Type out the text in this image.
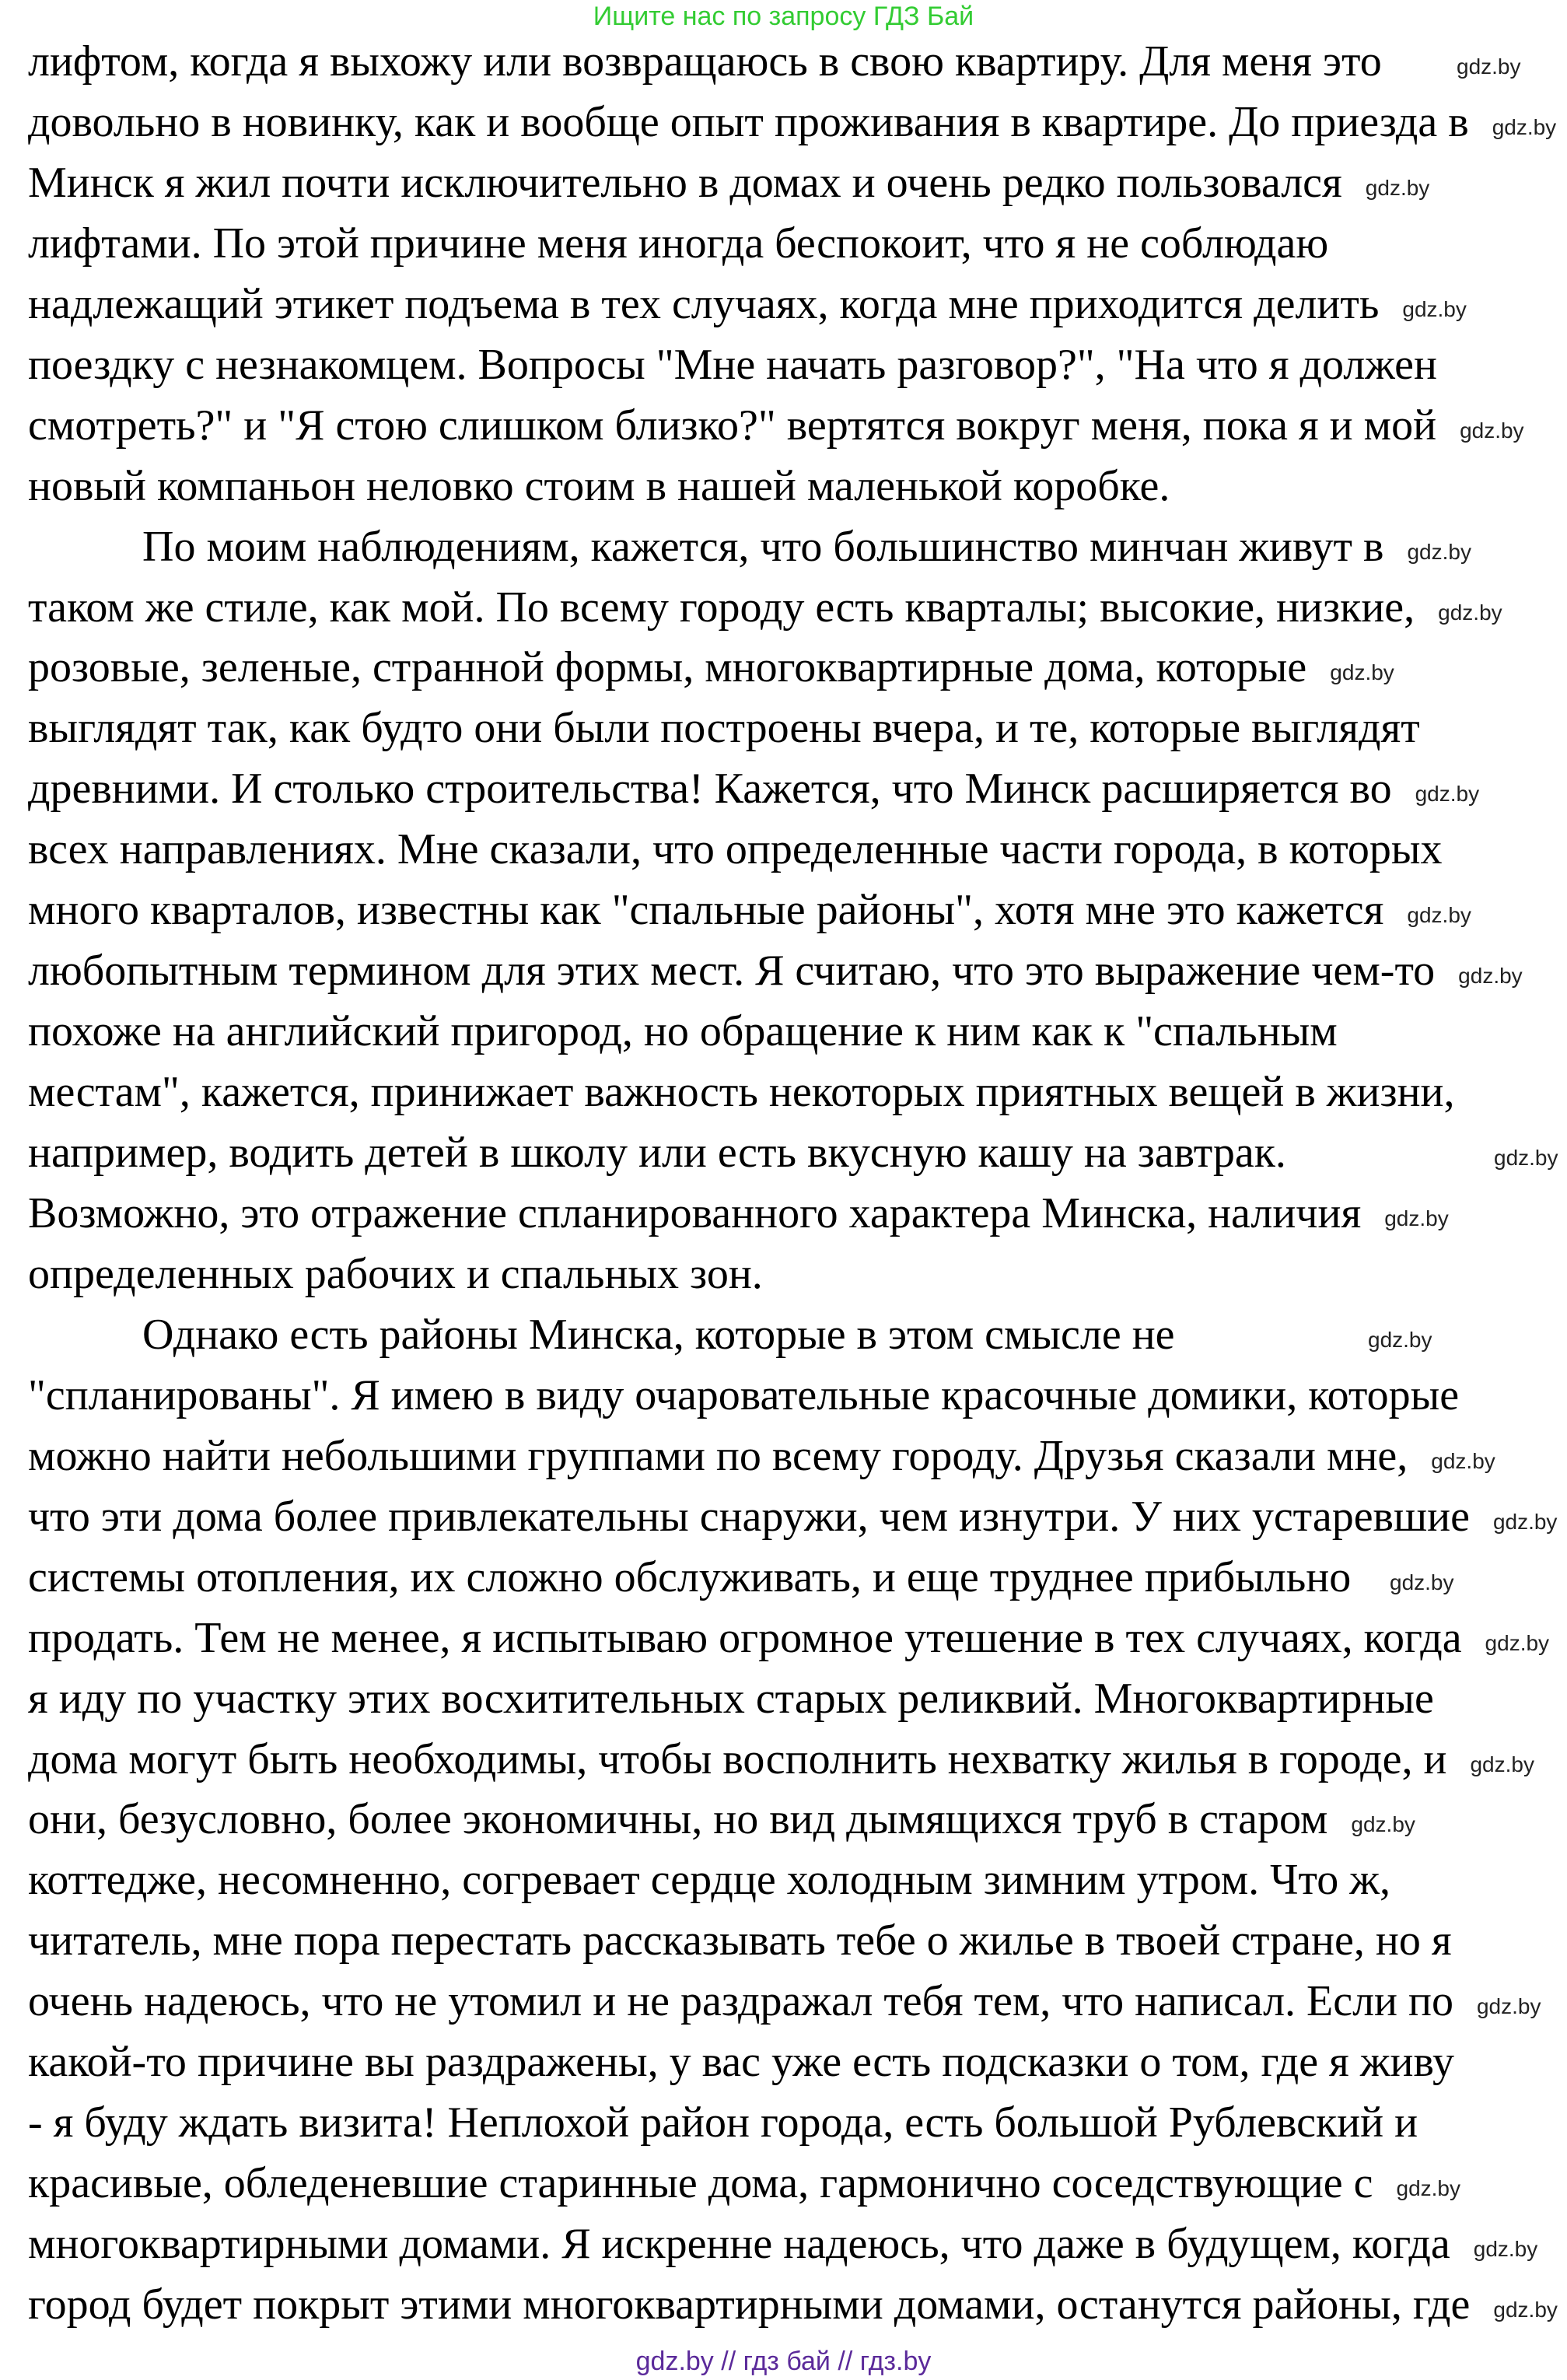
Ищите нас по запросу ГДЗ Бай
лифтом, когда я выхожу или возвращаюсь в свою квартиру. Для меня это
довольно в новинку, как и вообще опыт проживания в квартире. До приезда в
Минск я жил почти исключительно в домах и очень редко пользовался
лифтами. По этой причине меня иногда беспокоит, что я не соблюдаю
надлежащий этикет подъема в тех случаях, когда мне приходится делить
поездку с незнакомцем. Вопросы "Мне начать разговор?", "На что я должен
смотреть?" и "Я стою слишком близко?" вертятся вокруг меня, пока я и мой
новый компаньон неловко стоим в нашей маленькой коробке.
По моим наблюдениям, кажется, что большинство минчан живут в
таком же стиле, как мой. По всему городу есть кварталы; высокие, низкие,
розовые, зеленые, странной формы, многоквартирные дома, которые
выглядят так, как будто они были построены вчера, и те, которые выглядят
древними. И столько строительства! Кажется, что Минск расширяется во
всех направлениях. Мне сказали, что определенные части города, в которых
много кварталов, известны как "спальные районы", хотя мне это кажется
любопытным термином для этих мест. Я считаю, что это выражение чем-то
похоже на английский пригород, но обращение к ним как к "спальным
местам", кажется, принижает важность некоторых приятных вещей в жизни,
например, водить детей в школу или есть вкусную кашу на завтрак.
Возможно, это отражение спланированного характера Минска, наличия
определенных рабочих и спальных зон.
Однако есть районы Минска, которые в этом смысле не
"спланированы". Я имею в виду очаровательные красочные домики, которые
можно найти небольшими группами по всему городу. Друзья сказали мне,
что эти дома более привлекательны снаружи, чем изнутри. У них устаревшие
системы отопления, их сложно обслуживать, и еще труднее прибыльно
продать. Тем не менее, я испытываю огромное утешение в тех случаях, когда
я иду по участку этих восхитительных старых реликвий. Многоквартирные
дома могут быть необходимы, чтобы восполнить нехватку жилья в городе, и
они, безусловно, более экономичны, но вид дымящихся труб в старом
коттедже, несомненно, согревает сердце холодным зимним утром. Что ж,
читатель, мне пора перестать рассказывать тебе о жилье в твоей стране, но я
очень надеюсь, что не утомил и не раздражал тебя тем, что написал. Если по
какой-то причине вы раздражены, у вас уже есть подсказки о том, где я живу
- я буду ждать визита! Неплохой район города, есть большой Рублевский и
красивые, обледеневшие старинные дома, гармонично соседствующие с
многоквартирными домами. Я искренне надеюсь, что даже в будущем, когда
город будет покрыт этими многоквартирными домами, останутся районы, где
gdz.by
gdz.by
gdz.by
gdz.by
gdz.by
gdz.by
gdz.by
gdz.by
gdz.by
gdz.by
gdz.by
gdz.by
gdz.by
gdz.by
gdz.by
gdz.by
gdz.by
gdz.by
gdz.by
gdz.by
gdz.by
gdz.by
gdz.by
gdz.by
gdz.by // гдз бай // гдз.by
